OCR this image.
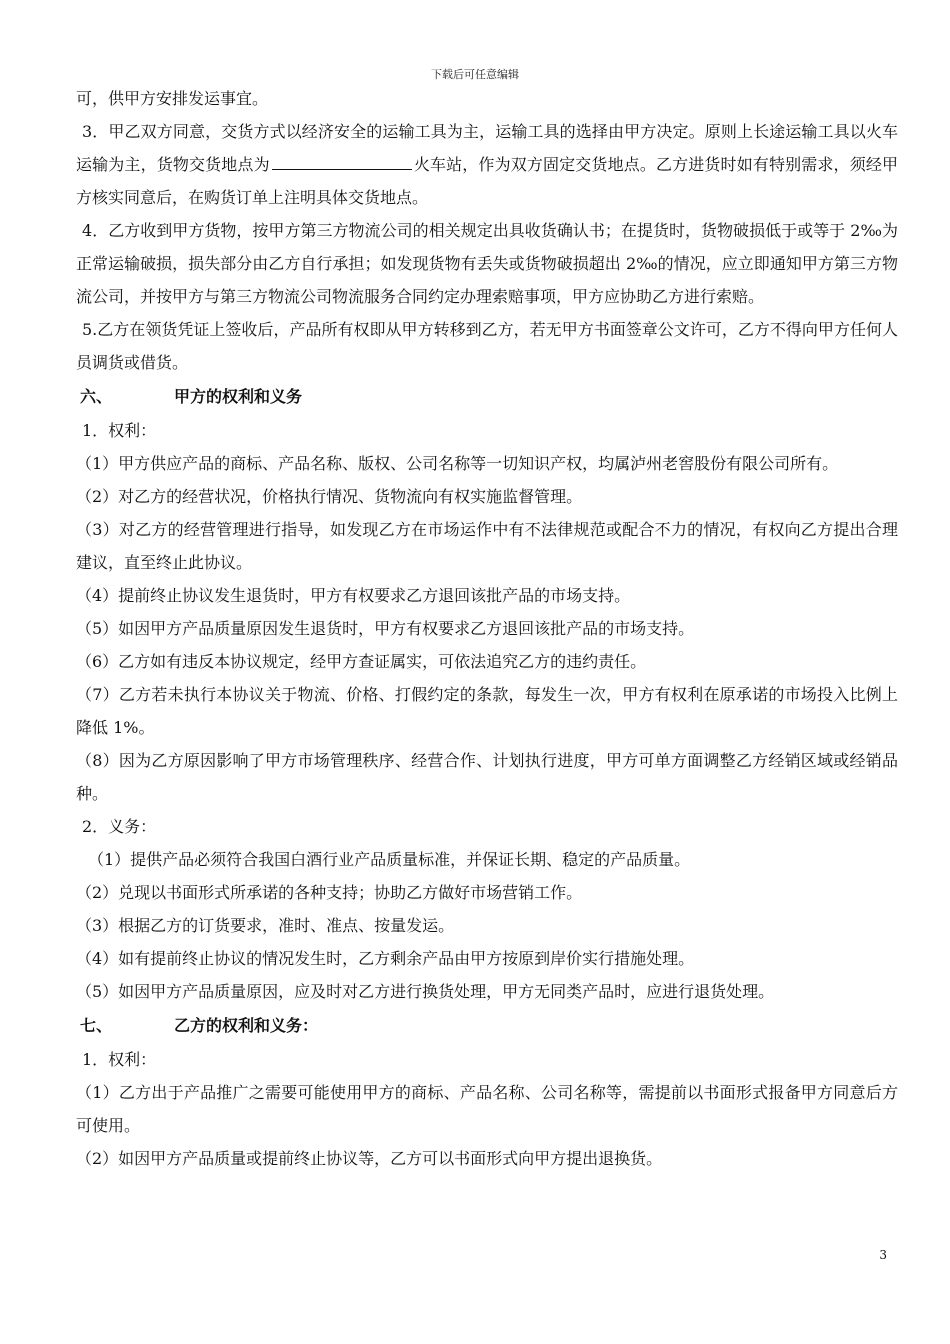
下载后可任意编辑

可，供甲方安排发运事宜。

3．甲乙双方同意，交货方式以经济安全的运输工具为主，运输工具的选择由甲方决定。原则上长途运输工具以火车运输为主，货物交货地点为	火车站，作为双方固定交货地点。乙方进货时如有特别需求，须经甲方核实同意后，在购货订单上注明具体交货地点。

4．乙方收到甲方货物，按甲方第三方物流公司的相关规定出具收货确认书；在提货时，货物破损低于或等于 2‰为正常运输破损，损失部分由乙方自行承担；如发现货物有丢失或货物破损超出 2‰的情况，应立即通知甲方第三方物流公司，并按甲方与第三方物流公司物流服务合同约定办理索赔事项，甲方应协助乙方进行索赔。

5.乙方在领货凭证上签收后，产品所有权即从甲方转移到乙方，若无甲方书面签章公文许可，乙方不得向甲方任何人员调货或借货。

六、	甲方的权利和义务

1．权利：

（1）甲方供应产品的商标、产品名称、版权、公司名称等一切知识产权，均属泸州老窖股份有限公司所有。

（2）对乙方的经营状况，价格执行情况、货物流向有权实施监督管理。

（3）对乙方的经营管理进行指导，如发现乙方在市场运作中有不法律规范或配合不力的情况，有权向乙方提出合理建议，直至终止此协议。

（4）提前终止协议发生退货时，甲方有权要求乙方退回该批产品的市场支持。

（5）如因甲方产品质量原因发生退货时，甲方有权要求乙方退回该批产品的市场支持。

（6）乙方如有违反本协议规定，经甲方查证属实，可依法追究乙方的违约责任。

（7）乙方若未执行本协议关于物流、价格、打假约定的条款，每发生一次，甲方有权利在原承诺的市场投入比例上降低 1%。

（8）因为乙方原因影响了甲方市场管理秩序、经营合作、计划执行进度，甲方可单方面调整乙方经销区域或经销品种。

2．义务：

（1）提供产品必须符合我国白酒行业产品质量标准，并保证长期、稳定的产品质量。

（2）兑现以书面形式所承诺的各种支持；协助乙方做好市场营销工作。

（3）根据乙方的订货要求，准时、准点、按量发运。

（4）如有提前终止协议的情况发生时，乙方剩余产品由甲方按原到岸价实行措施处理。

（5）如因甲方产品质量原因，应及时对乙方进行换货处理，甲方无同类产品时，应进行退货处理。

七、	乙方的权利和义务：

1．权利：

（1）乙方出于产品推广之需要可能使用甲方的商标、产品名称、公司名称等，需提前以书面形式报备甲方同意后方可使用。

（2）如因甲方产品质量或提前终止协议等，乙方可以书面形式向甲方提出退换货。

3
